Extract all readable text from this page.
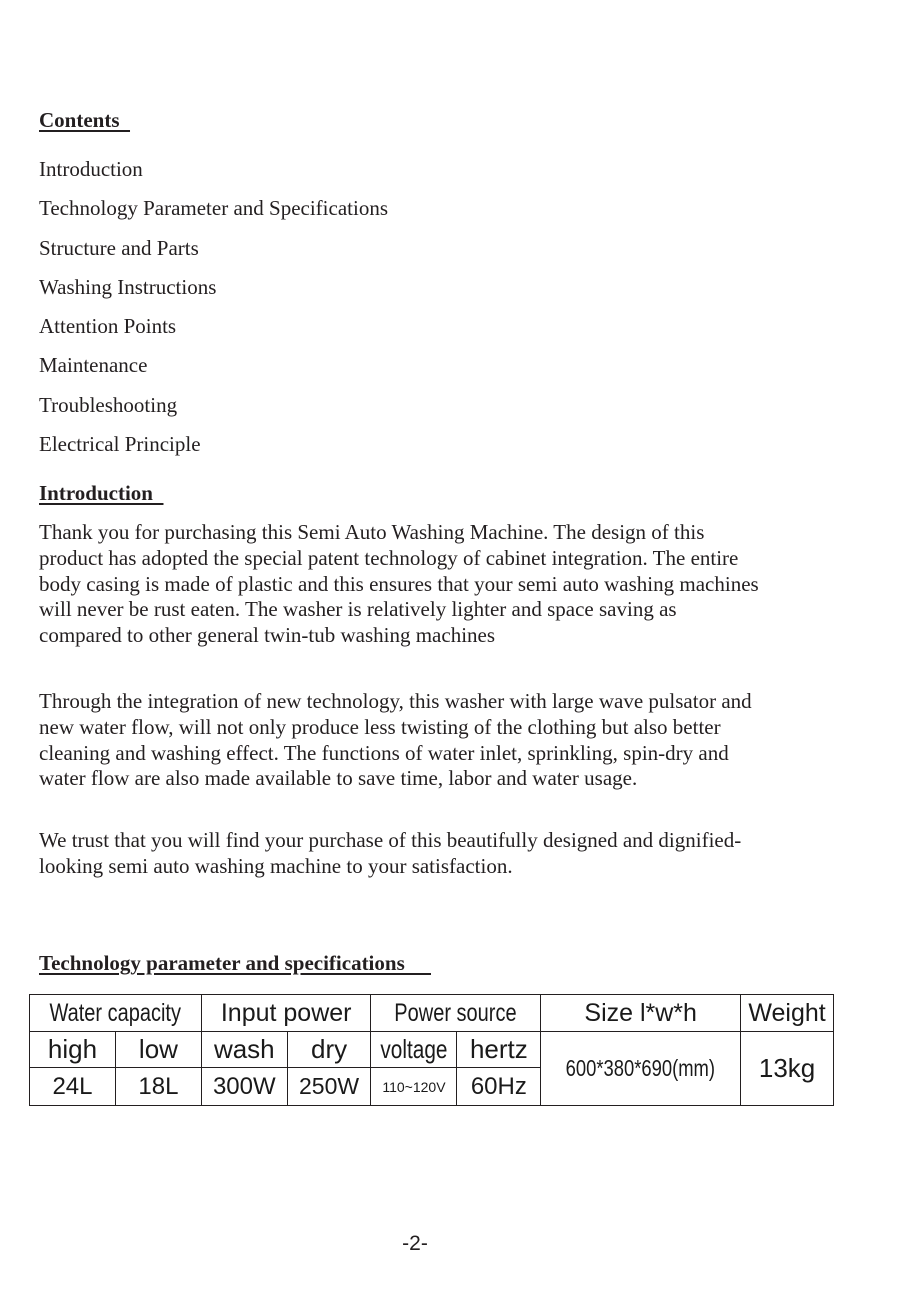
Contents
Introduction
Technology Parameter and Specifications
Structure and Parts
Washing Instructions
Attention Points
Maintenance
Troubleshooting
Electrical Principle
Introduction

Thank you for purchasing this Semi Auto Washing Machine. The design of this product has adopted the special patent technology of cabinet integration. The entire body casing is made of plastic and this ensures that your semi auto washing machines will never be rust eaten. The washer is relatively lighter and space saving as compared to other general twin-tub washing machines

Through the integration of new technology, this washer with large wave pulsator and new water flow, will not only produce less twisting of the clothing but also better cleaning and washing effect. The functions of water inlet, sprinkling, spin-dry and water flow are also made available to save time, labor and water usage.

We trust that you will find your purchase of this beautifully designed and dignified-looking semi auto washing machine to your satisfaction.

Technology parameter and specifications
Water capacity		Input power		Power source		Size l*w*h	Weight
high	low	wash	dry	voltage	hertz	600*380*690(mm)	13kg
24L	18L	300W	250W	110~120V	60Hz		
-2-
